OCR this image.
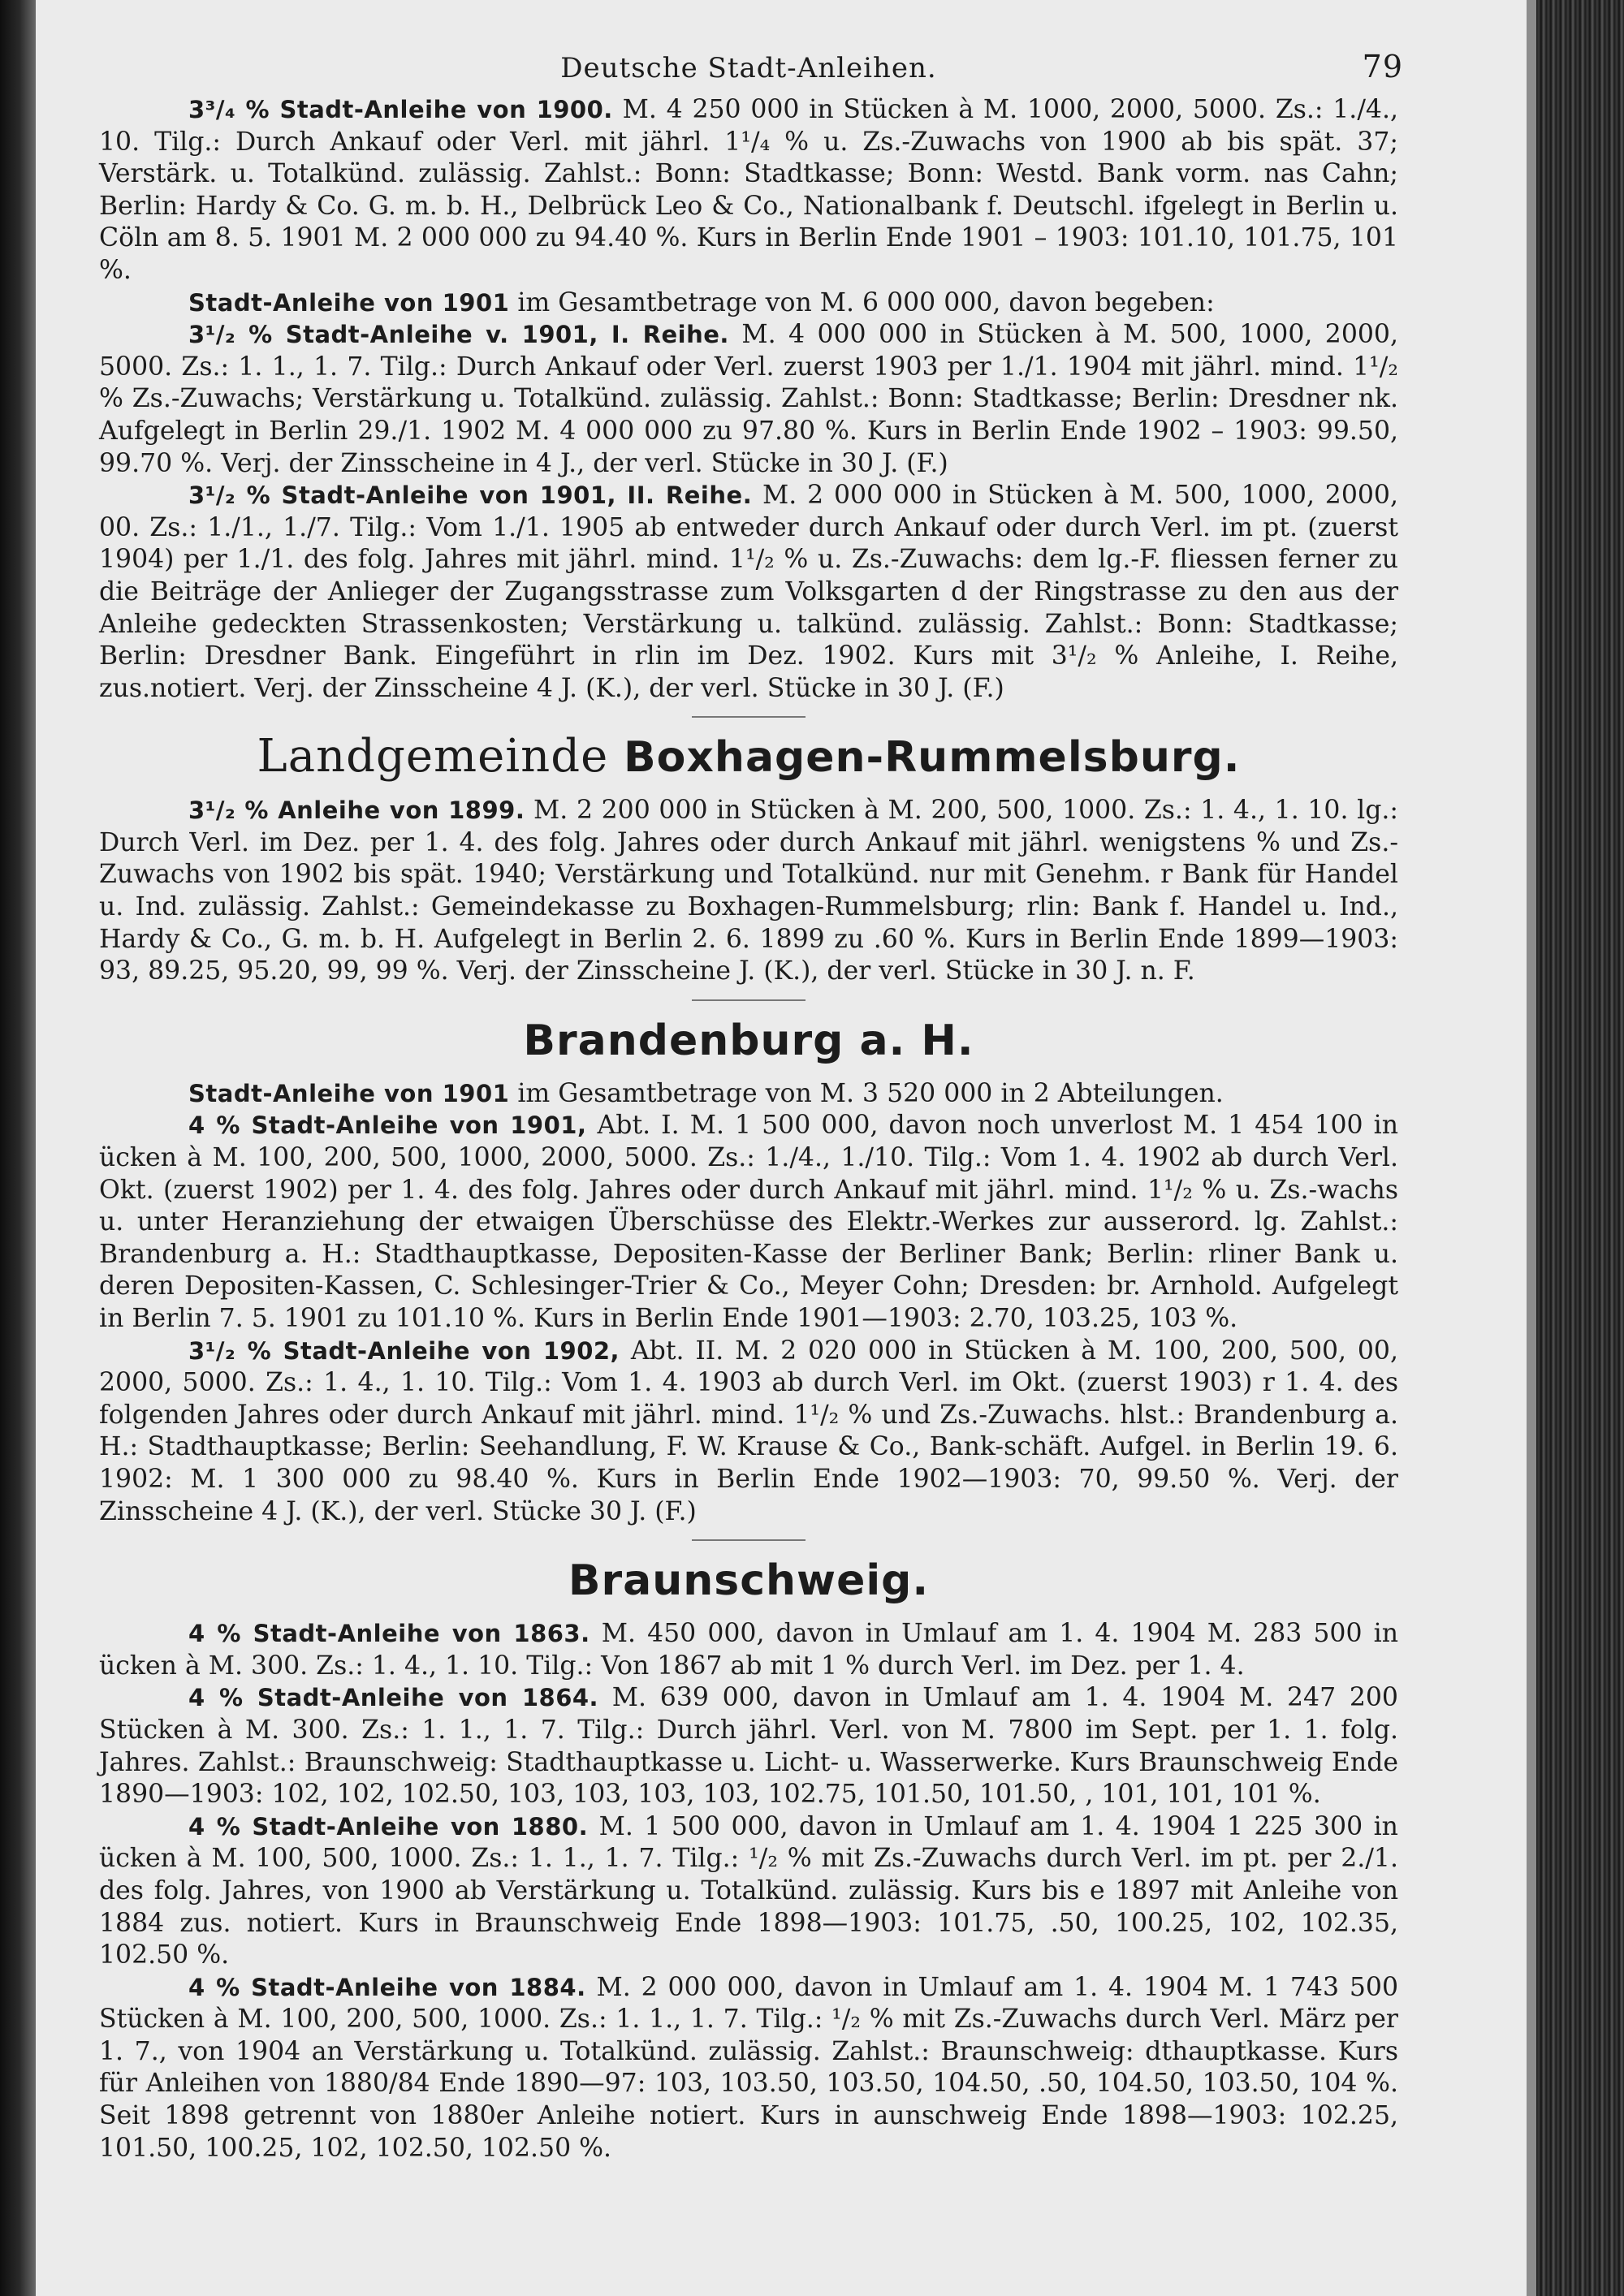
Deutsche Stadt-Anleihen.	79

3³/₄ % Stadt-Anleihe von 1900. M. 4 250 000 in Stücken à M. 1000, 2000, 5000. Zs.: 1./4., 10. Tilg.: Durch Ankauf oder Verl. mit jährl. 1¹/₄ % u. Zs.-Zuwachs von 1900 ab bis spät. 37; Verstärk. u. Totalkünd. zulässig. Zahlst.: Bonn: Stadtkasse; Bonn: Westd. Bank vorm. nas Cahn; Berlin: Hardy & Co. G. m. b. H., Delbrück Leo & Co., Nationalbank f. Deutschl. ifgelegt in Berlin u. Cöln am 8. 5. 1901 M. 2 000 000 zu 94.40 %. Kurs in Berlin Ende 1901 – 1903: 101.10, 101.75, 101 %.

Stadt-Anleihe von 1901 im Gesamtbetrage von M. 6 000 000, davon begeben:

3¹/₂ % Stadt-Anleihe v. 1901, I. Reihe. M. 4 000 000 in Stücken à M. 500, 1000, 2000, 5000. Zs.: 1. 1., 1. 7. Tilg.: Durch Ankauf oder Verl. zuerst 1903 per 1./1. 1904 mit jährl. mind. 1¹/₂ % Zs.-Zuwachs; Verstärkung u. Totalkünd. zulässig. Zahlst.: Bonn: Stadtkasse; Berlin: Dresdner nk. Aufgelegt in Berlin 29./1. 1902 M. 4 000 000 zu 97.80 %. Kurs in Berlin Ende 1902 – 1903: 99.50, 99.70 %. Verj. der Zinsscheine in 4 J., der verl. Stücke in 30 J. (F.)

3¹/₂ % Stadt-Anleihe von 1901, II. Reihe. M. 2 000 000 in Stücken à M. 500, 1000, 2000, 00. Zs.: 1./1., 1./7. Tilg.: Vom 1./1. 1905 ab entweder durch Ankauf oder durch Verl. im pt. (zuerst 1904) per 1./1. des folg. Jahres mit jährl. mind. 1¹/₂ % u. Zs.-Zuwachs: dem lg.-F. fliessen ferner zu die Beiträge der Anlieger der Zugangsstrasse zum Volksgarten d der Ringstrasse zu den aus der Anleihe gedeckten Strassenkosten; Verstärkung u. talkünd. zulässig. Zahlst.: Bonn: Stadtkasse; Berlin: Dresdner Bank. Eingeführt in rlin im Dez. 1902. Kurs mit 3¹/₂ % Anleihe, I. Reihe, zus.notiert. Verj. der Zinsscheine 4 J. (K.), der verl. Stücke in 30 J. (F.)

Landgemeinde Boxhagen-Rummelsburg.

3¹/₂ % Anleihe von 1899. M. 2 200 000 in Stücken à M. 200, 500, 1000. Zs.: 1. 4., 1. 10. lg.: Durch Verl. im Dez. per 1. 4. des folg. Jahres oder durch Ankauf mit jährl. wenigstens % und Zs.-Zuwachs von 1902 bis spät. 1940; Verstärkung und Totalkünd. nur mit Genehm. r Bank für Handel u. Ind. zulässig. Zahlst.: Gemeindekasse zu Boxhagen-Rummelsburg; rlin: Bank f. Handel u. Ind., Hardy & Co., G. m. b. H. Aufgelegt in Berlin 2. 6. 1899 zu .60 %. Kurs in Berlin Ende 1899—1903: 93, 89.25, 95.20, 99, 99 %. Verj. der Zinsscheine J. (K.), der verl. Stücke in 30 J. n. F.

Brandenburg a. H.

Stadt-Anleihe von 1901 im Gesamtbetrage von M. 3 520 000 in 2 Abteilungen.

4 % Stadt-Anleihe von 1901, Abt. I. M. 1 500 000, davon noch unverlost M. 1 454 100 in ücken à M. 100, 200, 500, 1000, 2000, 5000. Zs.: 1./4., 1./10. Tilg.: Vom 1. 4. 1902 ab durch Verl. Okt. (zuerst 1902) per 1. 4. des folg. Jahres oder durch Ankauf mit jährl. mind. 1¹/₂ % u. Zs.-wachs u. unter Heranziehung der etwaigen Überschüsse des Elektr.-Werkes zur ausserord. lg. Zahlst.: Brandenburg a. H.: Stadthauptkasse, Depositen-Kasse der Berliner Bank; Berlin: rliner Bank u. deren Depositen-Kassen, C. Schlesinger-Trier & Co., Meyer Cohn; Dresden: br. Arnhold. Aufgelegt in Berlin 7. 5. 1901 zu 101.10 %. Kurs in Berlin Ende 1901—1903: 2.70, 103.25, 103 %.

3¹/₂ % Stadt-Anleihe von 1902, Abt. II. M. 2 020 000 in Stücken à M. 100, 200, 500, 00, 2000, 5000. Zs.: 1. 4., 1. 10. Tilg.: Vom 1. 4. 1903 ab durch Verl. im Okt. (zuerst 1903) r 1. 4. des folgenden Jahres oder durch Ankauf mit jährl. mind. 1¹/₂ % und Zs.-Zuwachs. hlst.: Brandenburg a. H.: Stadthauptkasse; Berlin: Seehandlung, F. W. Krause & Co., Bank-schäft. Aufgel. in Berlin 19. 6. 1902: M. 1 300 000 zu 98.40 %. Kurs in Berlin Ende 1902—1903: 70, 99.50 %. Verj. der Zinsscheine 4 J. (K.), der verl. Stücke 30 J. (F.)

Braunschweig.

4 % Stadt-Anleihe von 1863. M. 450 000, davon in Umlauf am 1. 4. 1904 M. 283 500 in ücken à M. 300. Zs.: 1. 4., 1. 10. Tilg.: Von 1867 ab mit 1 % durch Verl. im Dez. per 1. 4.

4 % Stadt-Anleihe von 1864. M. 639 000, davon in Umlauf am 1. 4. 1904 M. 247 200 Stücken à M. 300. Zs.: 1. 1., 1. 7. Tilg.: Durch jährl. Verl. von M. 7800 im Sept. per 1. 1. folg. Jahres. Zahlst.: Braunschweig: Stadthauptkasse u. Licht- u. Wasserwerke. Kurs Braunschweig Ende 1890—1903: 102, 102, 102.50, 103, 103, 103, 103, 102.75, 101.50, 101.50, , 101, 101, 101 %.

4 % Stadt-Anleihe von 1880. M. 1 500 000, davon in Umlauf am 1. 4. 1904 1 225 300 in ücken à M. 100, 500, 1000. Zs.: 1. 1., 1. 7. Tilg.: ¹/₂ % mit Zs.-Zuwachs durch Verl. im pt. per 2./1. des folg. Jahres, von 1900 ab Verstärkung u. Totalkünd. zulässig. Kurs bis e 1897 mit Anleihe von 1884 zus. notiert. Kurs in Braunschweig Ende 1898—1903: 101.75, .50, 100.25, 102, 102.35, 102.50 %.

4 % Stadt-Anleihe von 1884. M. 2 000 000, davon in Umlauf am 1. 4. 1904 M. 1 743 500 Stücken à M. 100, 200, 500, 1000. Zs.: 1. 1., 1. 7. Tilg.: ¹/₂ % mit Zs.-Zuwachs durch Verl. März per 1. 7., von 1904 an Verstärkung u. Totalkünd. zulässig. Zahlst.: Braunschweig: dthauptkasse. Kurs für Anleihen von 1880/84 Ende 1890—97: 103, 103.50, 103.50, 104.50, .50, 104.50, 103.50, 104 %. Seit 1898 getrennt von 1880er Anleihe notiert. Kurs in aunschweig Ende 1898—1903: 102.25, 101.50, 100.25, 102, 102.50, 102.50 %.
